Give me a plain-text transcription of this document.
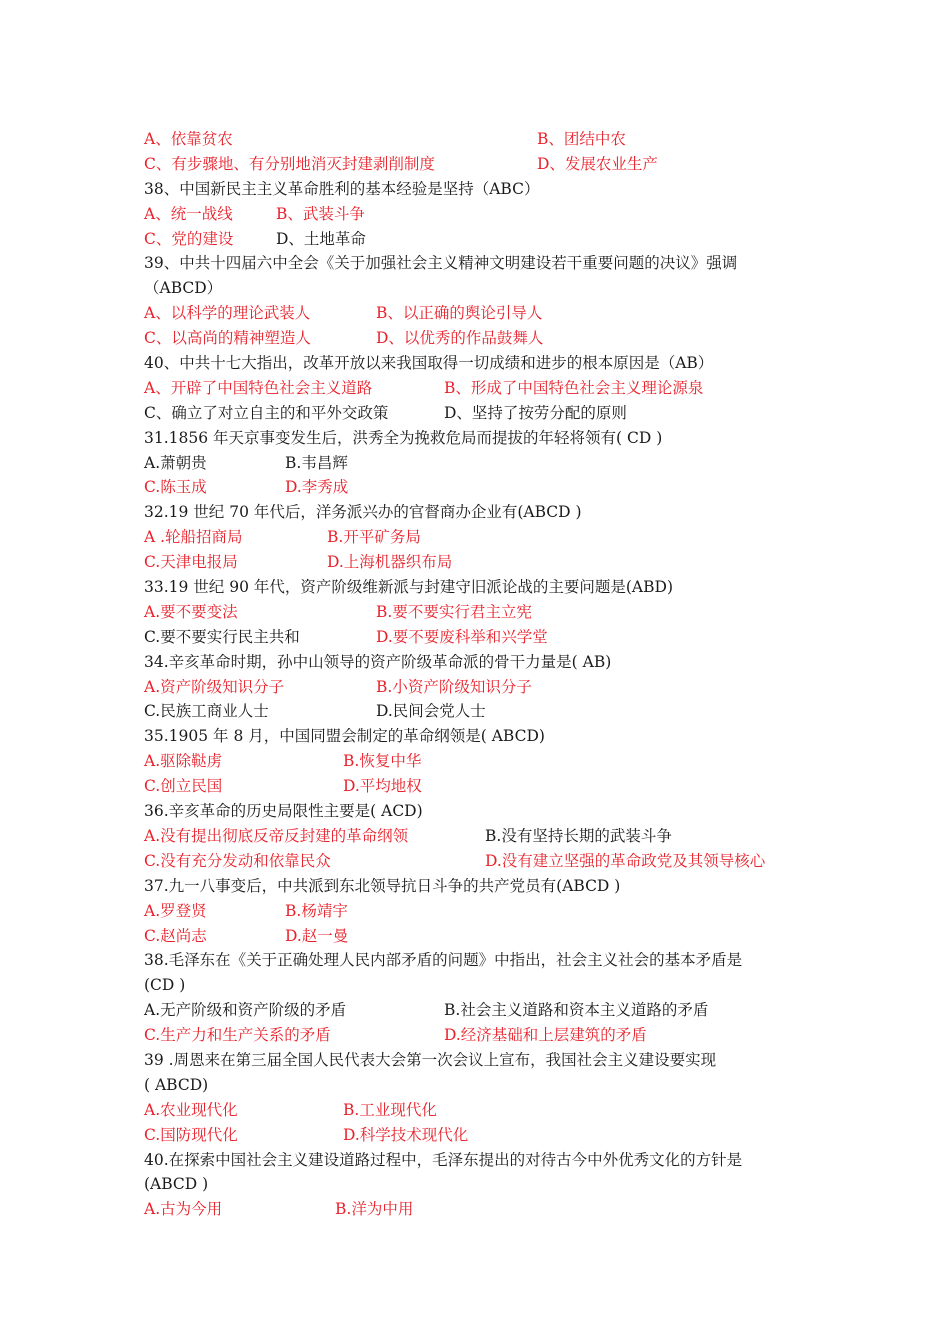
A、依靠贫农	B、团结中农
C、有步骤地、有分别地消灭封建剥削制度	D、发展农业生产
38、中国新民主主义革命胜利的基本经验是坚持（ABC）
A、统一战线	B、武装斗争
C、党的建设	D、土地革命
39、中共十四届六中全会《关于加强社会主义精神文明建设若干重要问题的决议》强调
（ABCD）
A、以科学的理论武装人	B、以正确的舆论引导人
C、以高尚的精神塑造人	D、以优秀的作品鼓舞人
40、中共十七大指出，改革开放以来我国取得一切成绩和进步的根本原因是（AB）
A、开辟了中国特色社会主义道路	B、形成了中国特色社会主义理论源泉
C、确立了对立自主的和平外交政策	D、坚持了按劳分配的原则
31.1856 年天京事变发生后，洪秀全为挽救危局而提拔的年轻将领有( CD )
A.萧朝贵	B.韦昌辉
C.陈玉成	D.李秀成
32.19 世纪 70 年代后，洋务派兴办的官督商办企业有(ABCD )
A .轮船招商局	B.开平矿务局
C.天津电报局	D.上海机器织布局
33.19 世纪 90 年代，资产阶级维新派与封建守旧派论战的主要问题是(ABD)
A.要不要变法	B.要不要实行君主立宪
C.要不要实行民主共和	D.要不要废科举和兴学堂
34.辛亥革命时期，孙中山领导的资产阶级革命派的骨干力量是( AB)
A.资产阶级知识分子	B.小资产阶级知识分子
C.民族工商业人士	D.民间会党人士
35.1905 年 8 月，中国同盟会制定的革命纲领是( ABCD)
A.驱除鞑虏	B.恢复中华
C.创立民国	D.平均地权
36.辛亥革命的历史局限性主要是( ACD)
A.没有提出彻底反帝反封建的革命纲领	B.没有坚持长期的武装斗争
C.没有充分发动和依靠民众	D.没有建立坚强的革命政党及其领导核心
37.九一八事变后，中共派到东北领导抗日斗争的共产党员有(ABCD )
A.罗登贤	B.杨靖宇
C.赵尚志	D.赵一曼
38.毛泽东在《关于正确处理人民内部矛盾的问题》中指出，社会主义社会的基本矛盾是
(CD )
A.无产阶级和资产阶级的矛盾	B.社会主义道路和资本主义道路的矛盾
C.生产力和生产关系的矛盾	D.经济基础和上层建筑的矛盾
39 .周恩来在第三届全国人民代表大会第一次会议上宣布，我国社会主义建设要实现
( ABCD)
A.农业现代化	B.工业现代化
C.国防现代化	D.科学技术现代化
40.在探索中国社会主义建设道路过程中，毛泽东提出的对待古今中外优秀文化的方针是
(ABCD )
A.古为今用	B.洋为中用
